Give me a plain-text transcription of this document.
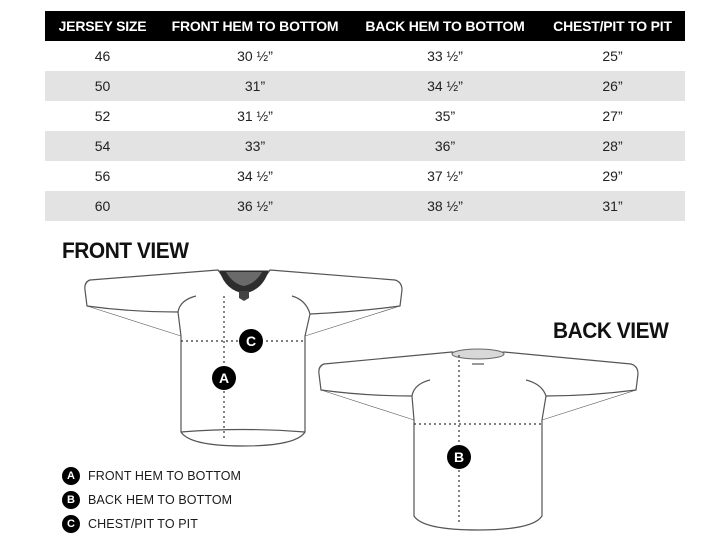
JERSEY SIZE	FRONT HEM TO BOTTOM	BACK HEM TO BOTTOM	CHEST/PIT TO PIT
46	30 ½”	33 ½”	25”
50	31”	34 ½”	26”
52	31 ½”	35”	27”
54	33”	36”	28”
56	34 ½”	37 ½”	29”
60	36 ½”	38 ½”	31”
FRONT VIEW
BACK VIEW
A
C
B
A	FRONT HEM TO BOTTOM
B	BACK HEM TO BOTTOM
C	CHEST/PIT TO PIT
